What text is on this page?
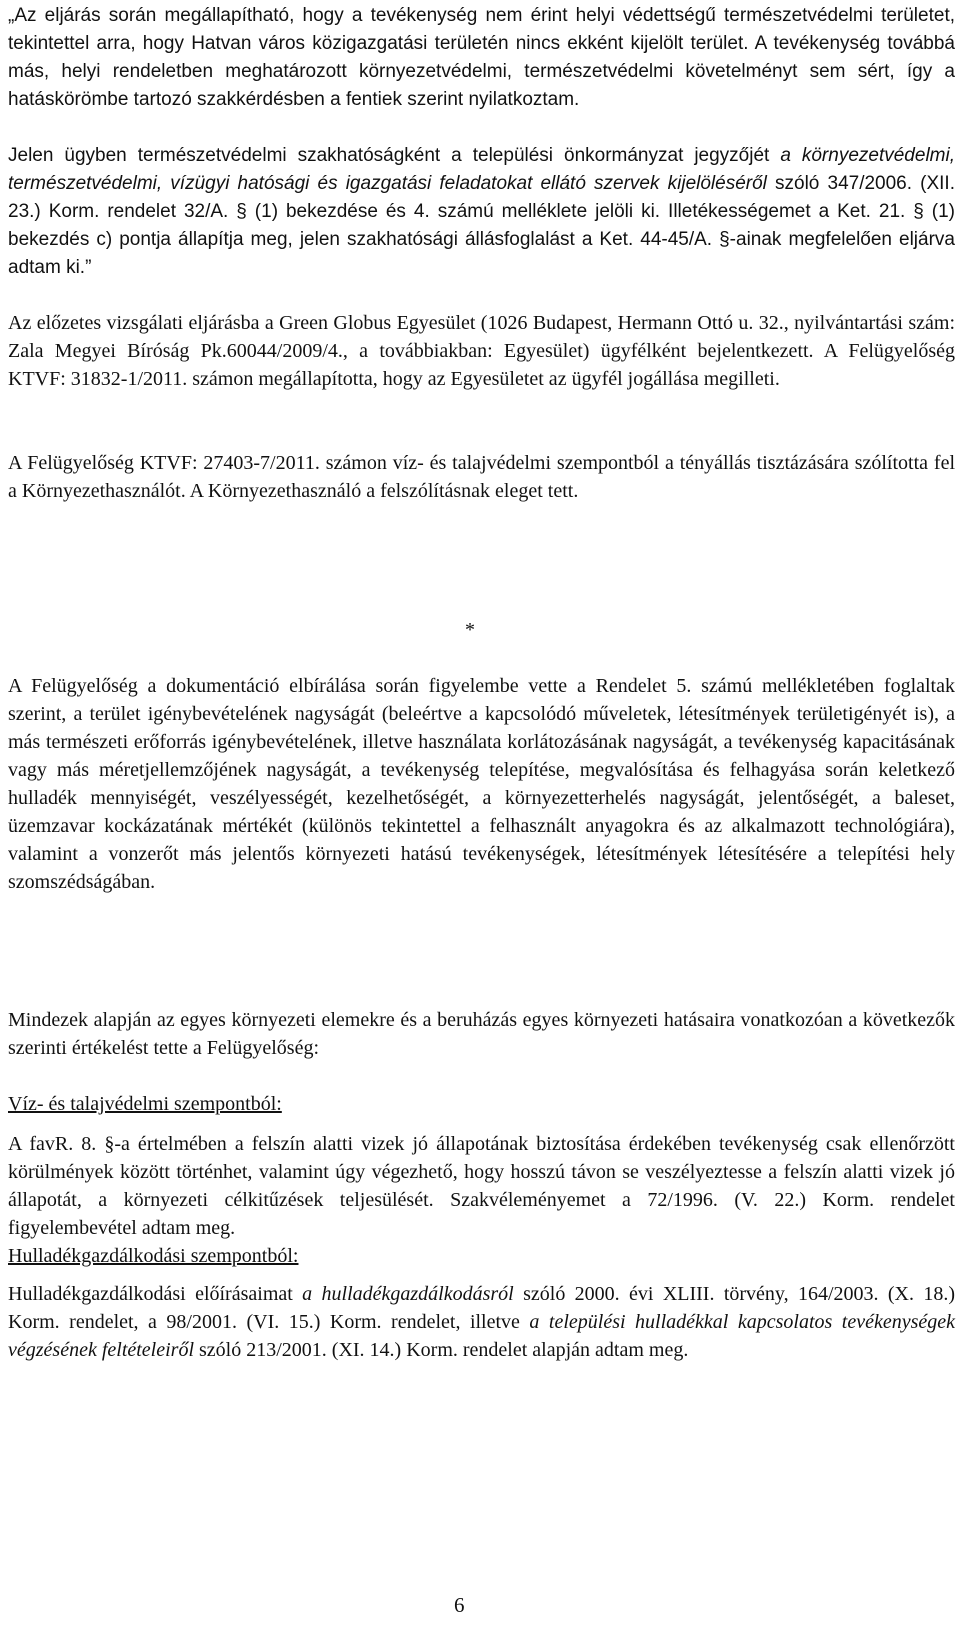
„Az eljárás során megállapítható, hogy a tevékenység nem érint helyi védettségű természetvédelmi területet, tekintettel arra, hogy Hatvan város közigazgatási területén nincs ekként kijelölt terület. A tevékenység továbbá más, helyi rendeletben meghatározott környezetvédelmi, természetvédelmi követelményt sem sért, így a hatáskörömbe tartozó szakkérdésben a fentiek szerint nyilatkoztam.

Jelen ügyben természetvédelmi szakhatóságként a települési önkormányzat jegyzőjét a környezetvédelmi, természetvédelmi, vízügyi hatósági és igazgatási feladatokat ellátó szervek kijelöléséről szóló 347/2006. (XII. 23.) Korm. rendelet 32/A. § (1) bekezdése és 4. számú melléklete jelöli ki. Illetékességemet a Ket. 21. § (1) bekezdés c) pontja állapítja meg, jelen szakhatósági állásfoglalást a Ket. 44-45/A. §-ainak megfelelően eljárva adtam ki.”

Az előzetes vizsgálati eljárásba a Green Globus Egyesület (1026 Budapest, Hermann Ottó u. 32., nyilvántartási szám: Zala Megyei Bíróság Pk.60044/2009/4., a továbbiakban: Egyesület) ügyfélként bejelentkezett. A Felügyelőség KTVF: 31832-1/2011. számon megállapította, hogy az Egyesületet az ügyfél jogállása megilleti.

A Felügyelőség KTVF: 27403-7/2011. számon víz- és talajvédelmi szempontból a tényállás tisztázására szólította fel a Környezethasználót. A Környezethasználó a felszólításnak eleget tett.

*

A Felügyelőség a dokumentáció elbírálása során figyelembe vette a Rendelet 5. számú mellékletében foglaltak szerint, a terület igénybevételének nagyságát (beleértve a kapcsolódó műveletek, létesítmények területigényét is), a más természeti erőforrás igénybevételének, illetve használata korlátozásának nagyságát, a tevékenység kapacitásának vagy más méretjellemzőjének nagyságát, a tevékenység telepítése, megvalósítása és felhagyása során keletkező hulladék mennyiségét, veszélyességét, kezelhetőségét, a környezetterhelés nagyságát, jelentőségét, a baleset, üzemzavar kockázatának mértékét (különös tekintettel a felhasznált anyagokra és az alkalmazott technológiára), valamint a vonzerőt más jelentős környezeti hatású tevékenységek, létesítmények létesítésére a telepítési hely szomszédságában.

Mindezek alapján az egyes környezeti elemekre és a beruházás egyes környezeti hatásaira vonatkozóan a következők szerinti értékelést tette a Felügyelőség:

Víz- és talajvédelmi szempontból:

A favR. 8. §-a értelmében a felszín alatti vizek jó állapotának biztosítása érdekében tevékenység csak ellenőrzött körülmények között történhet, valamint úgy végezhető, hogy hosszú távon se veszélyeztesse a felszín alatti vizek jó állapotát, a környezeti célkitűzések teljesülését. Szakvéleményemet a 72/1996. (V. 22.) Korm. rendelet figyelembevétel adtam meg.

Hulladékgazdálkodási szempontból:

Hulladékgazdálkodási előírásaimat a hulladékgazdálkodásról szóló 2000. évi XLIII. törvény, 164/2003. (X. 18.) Korm. rendelet, a 98/2001. (VI. 15.) Korm. rendelet, illetve a települési hulladékkal kapcsolatos tevékenységek végzésének feltételeiről szóló 213/2001. (XI. 14.) Korm. rendelet alapján adtam meg.

6
